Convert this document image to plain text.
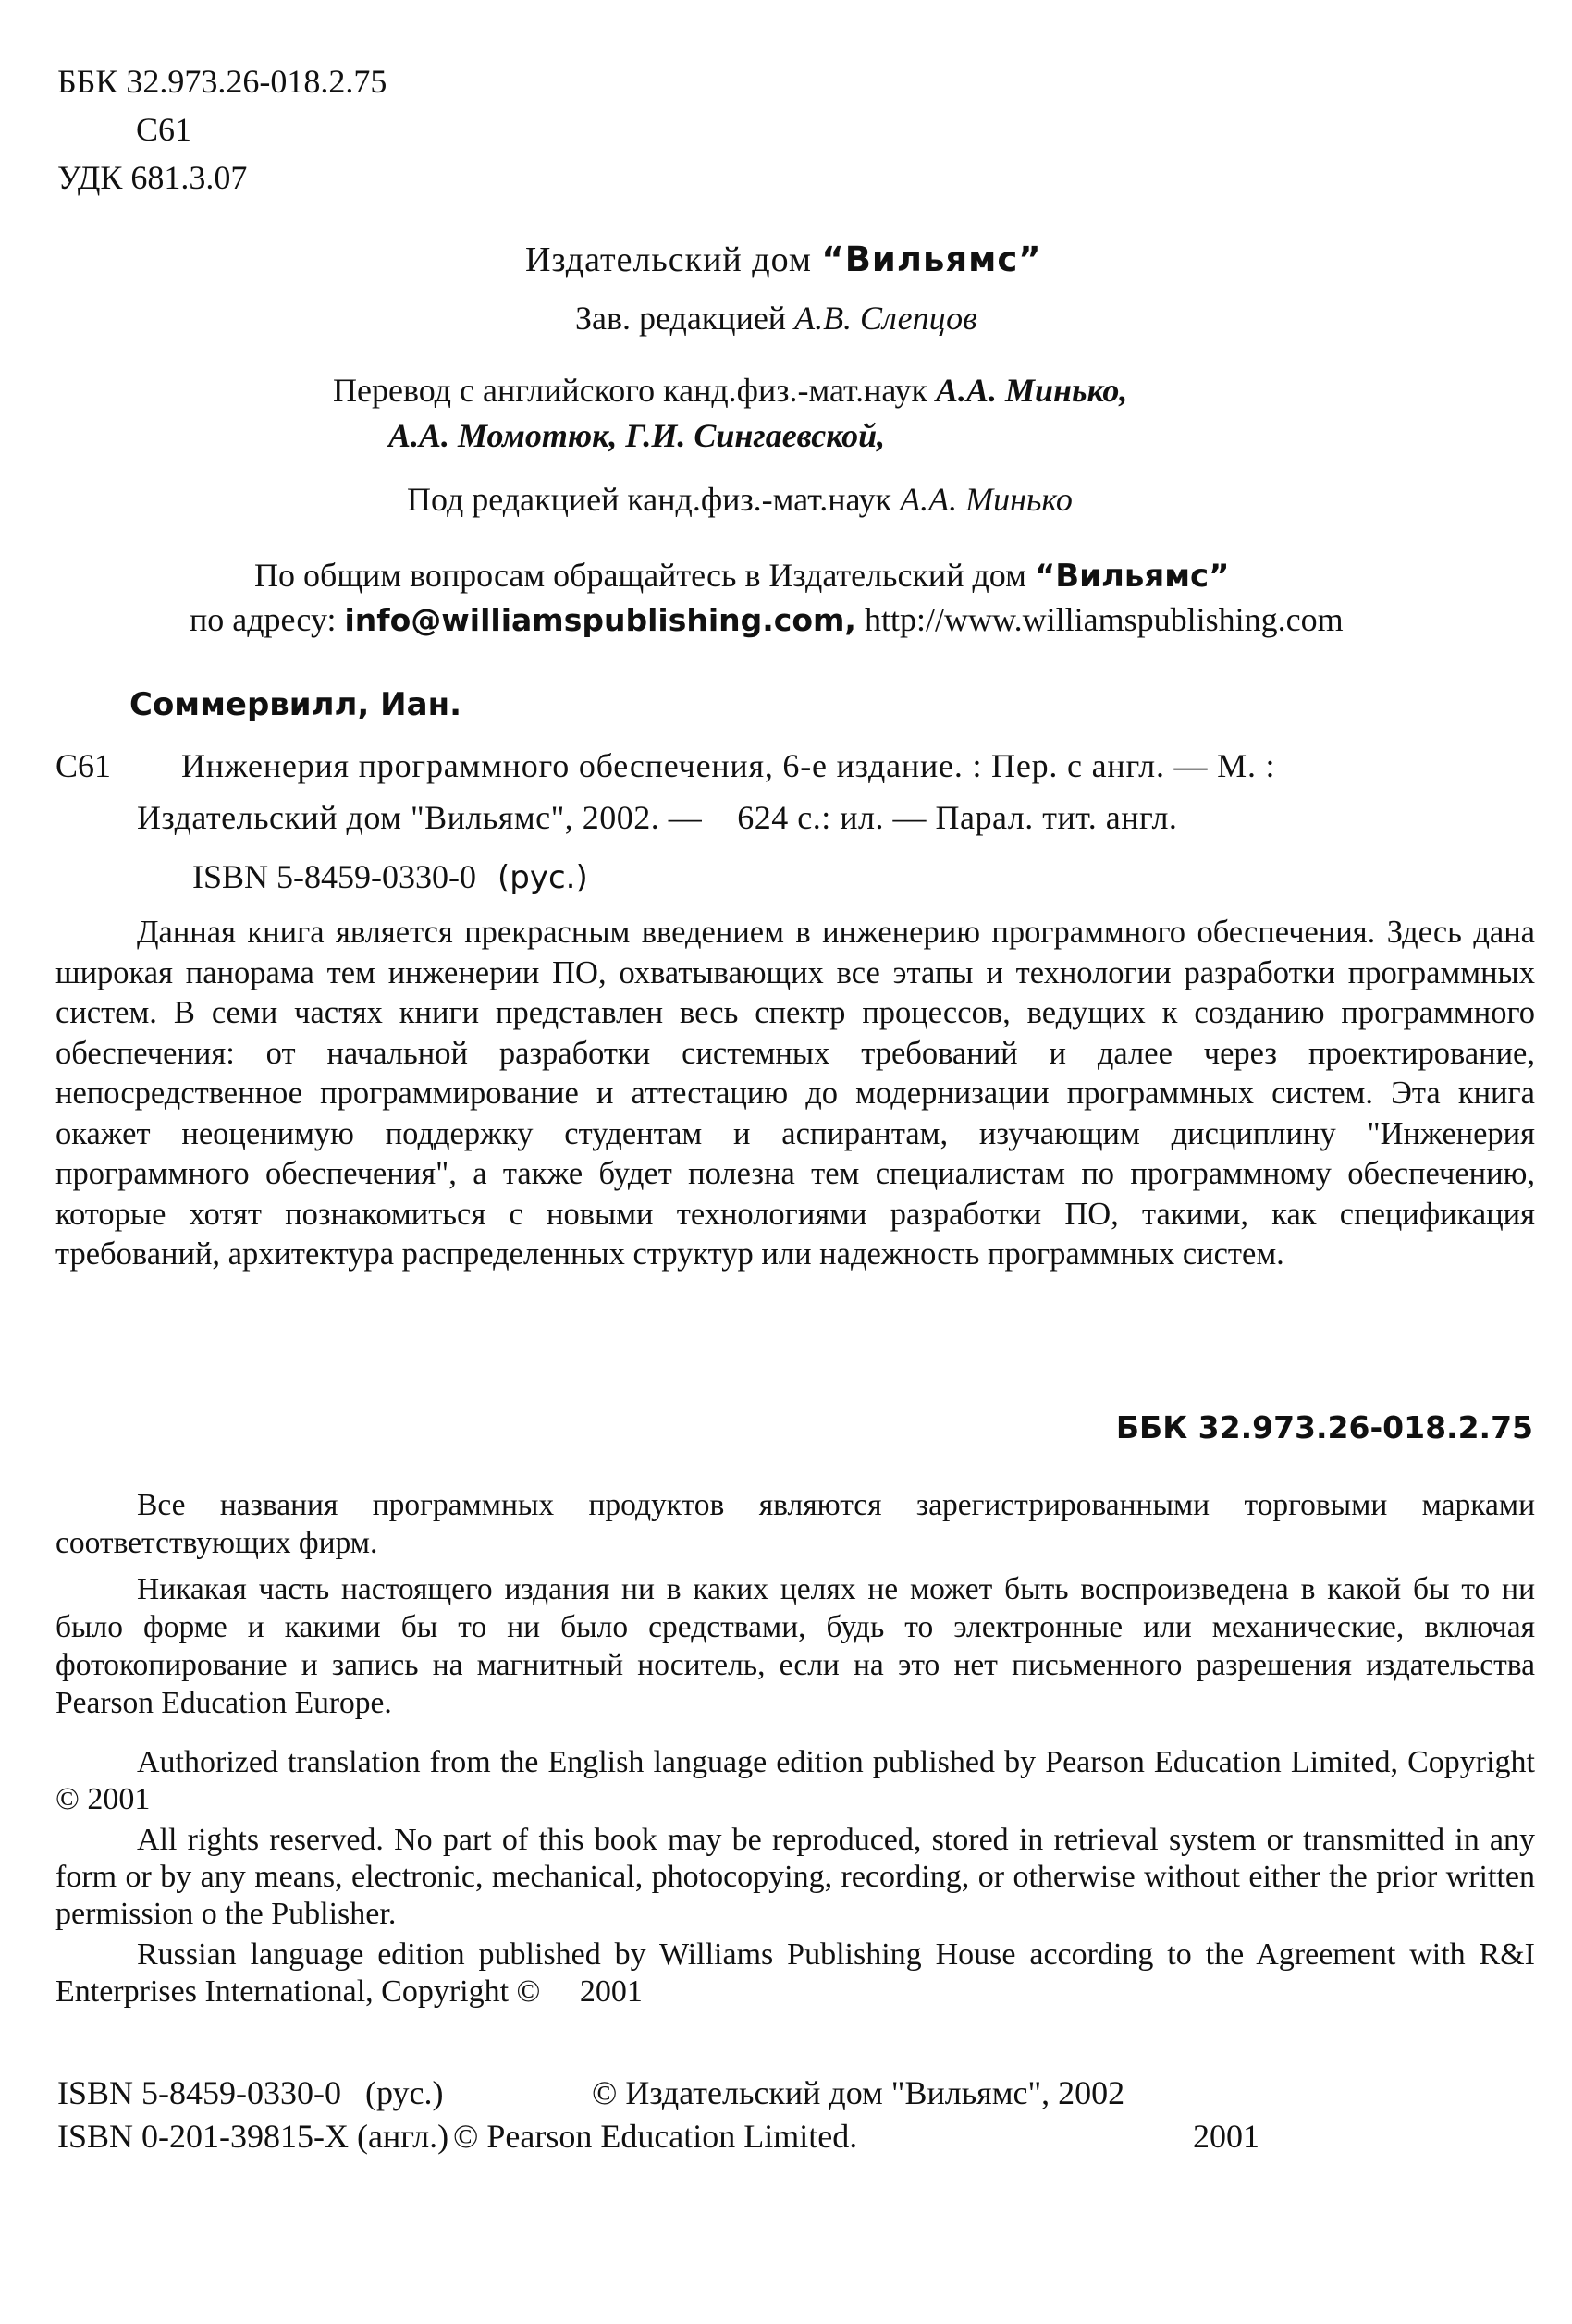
ББК 32.973.26-018.2.75
С61
УДК 681.3.07
Издательский дом “Вильямс”
Зав. редакцией А.В. Слепцов
Перевод с английского канд.физ.-мат.наук А.А. Минько,
А.А. Момотюк, Г.И. Сингаевской,
Под редакцией канд.физ.-мат.наук А.А. Минько
По общим вопросам обращайтесь в Издательский дом “Вильямс”
по адресу: info@williamspublishing.com, http://www.williamspublishing.com
Соммервилл, Иан.
С61 Инженерия программного обеспечения, 6-е издание. : Пер. с англ. — М. :
Издательский дом "Вильямс", 2002. —    624 с.: ил. — Парал. тит. англ.
ISBN 5-8459-0330-0 (рус.)

Данная книга является прекрасным введением в инженерию программного обеспечения. Здесь дана широкая панорама тем инженерии ПО, охватывающих все этапы и технологии разработки программных систем. В семи частях книги представлен весь спектр процессов, ведущих к созданию программного обеспечения: от начальной разработки системных требований и далее через проектирование, непосредственное программирование и аттестацию до модернизации программных систем. Эта книга окажет неоценимую поддержку студентам и аспирантам, изучающим дисциплину "Инженерия программного обеспечения", а также будет полезна тем специалистам по программному обеспечению, которые хотят познакомиться с новыми технологиями разработки ПО, такими, как спецификация требований, архитектура распределенных структур или надежность программных систем.

ББК 32.973.26-018.2.75

Все названия программных продуктов являются зарегистрированными торговыми марками соответствующих фирм.

Никакая часть настоящего издания ни в каких целях не может быть воспроизведена в какой бы то ни было форме и какими бы то ни было средствами, будь то электронные или механические, включая фотокопирование и запись на магнитный носитель, если на это нет письменного разрешения издательства Pearson Education Europe.

Authorized translation from the English language edition published by Pearson Education Limited, Copyright © 2001

All rights reserved. No part of this book may be reproduced, stored in retrieval system or transmitted in any form or by any means, electronic, mechanical, photocopying, recording, or otherwise without either the prior written permission o the Publisher.

Russian language edition published by Williams Publishing House according to the Agreement with R&I Enterprises International, Copyright ©     2001

ISBN 5-8459-0330-0 (рус.)	© Издательский дом "Вильямс", 2002
ISBN 0-201-39815-X (англ.) © Pearson Education Limited.	2001
